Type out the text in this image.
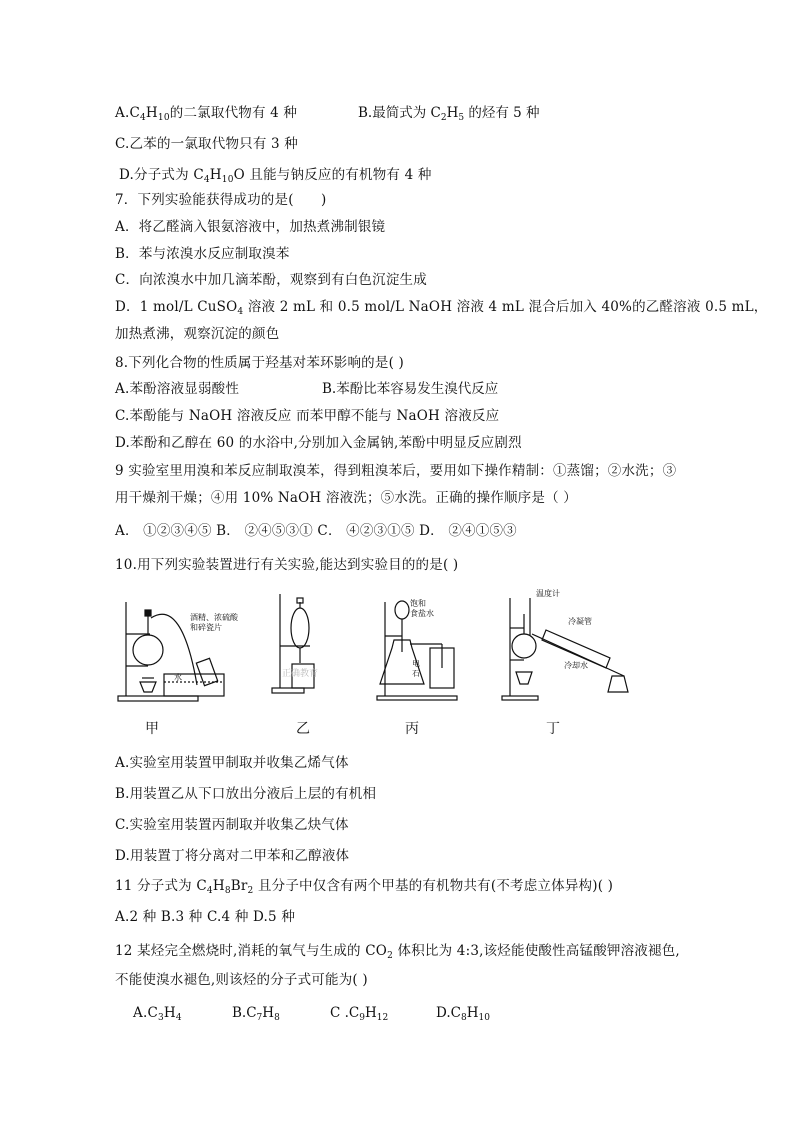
$A.C_4H_{10}$的二氯取代物有 4 种	B.最简式为 $C_2H_5$ 的烃有 5 种
C.乙苯的一氯取代物只有 3 种
D.分子式为 $C_4H_{10}O$ 且能与钠反应的有机物有 4 种
7．下列实验能获得成功的是(　　)
A．将乙醛滴入银氨溶液中，加热煮沸制银镜
B．苯与浓溴水反应制取溴苯
C．向浓溴水中加几滴苯酚，观察到有白色沉淀生成
D．1 mol/L CuSO$_4$ 溶液 2 mL 和 0.5 mol/L NaOH 溶液 4 mL 混合后加入 40%的乙醛溶液 0.5 mL，
加热煮沸，观察沉淀的颜色
8.下列化合物的性质属于羟基对苯环影响的是( )
A.苯酚溶液显弱酸性	B.苯酚比苯容易发生溴代反应
C.苯酚能与 NaOH 溶液反应 而苯甲醇不能与 NaOH 溶液反应
D.苯酚和乙醇在 60 的水浴中,分别加入金属钠,苯酚中明显反应剧烈
9 实验室里用溴和苯反应制取溴苯，得到粗溴苯后，要用如下操作精制：①蒸馏；②水洗；③
用干燥剂干燥；④用 10% NaOH 溶液洗；⑤水洗。正确的操作顺序是（ ）
A． ①②③④⑤ B． ②④⑤③① C． ④②③①⑤ D． ②④①⑤③
10.用下列实验装置进行有关实验,能达到实验目的的是( )
酒精、浓硫酸
和碎瓷片
水	正确教育
饱和
食盐水
电
石
温度计
冷凝管
冷却水
甲	乙	丙	丁
A.实验室用装置甲制取并收集乙烯气体
B.用装置乙从下口放出分液后上层的有机相
C.实验室用装置丙制取并收集乙炔气体
D.用装置丁将分离对二甲苯和乙醇液体
11 分子式为 $C_4H_8Br_2$ 且分子中仅含有两个甲基的有机物共有(不考虑立体异构)( )
A.2 种 B.3 种 C.4 种 D.5 种
12 某烃完全燃烧时,消耗的氧气与生成的 $CO_2$ 体积比为 4:3,该烃能使酸性高锰酸钾溶液褪色,
不能使溴水褪色,则该烃的分子式可能为( )
$A.C_3H_4$	$B.C_7H_8$	C $.C_9H_{12}$	$D.C_8H_{10}$
